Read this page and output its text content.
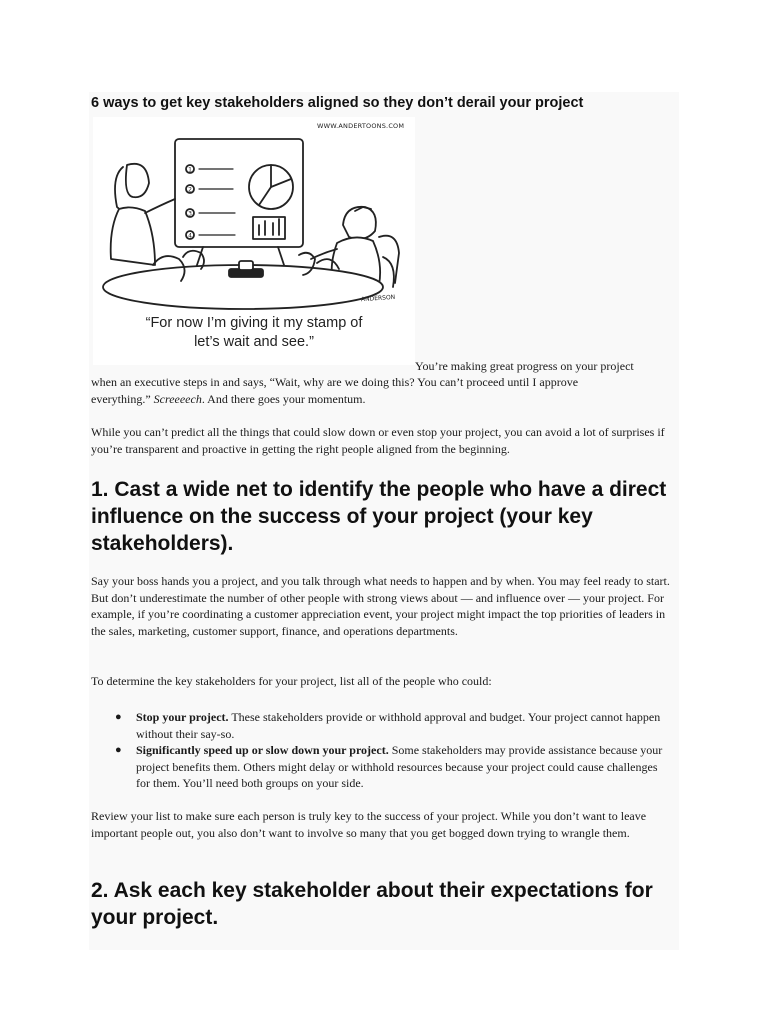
6 ways to get key stakeholders aligned so they don’t derail your project
1
2
3
4
WWW.ANDERTOONS.COM
ANDERSON
“For now I’m giving it my stamp of
let’s wait and see.”
You’re making great progress on your project
when an executive steps in and says, “Wait, why are we doing this? You can’t proceed until I approve
everything.” Screeeech. And there goes your momentum.
While you can’t predict all the things that could slow down or even stop your project, you can avoid a lot of surprises if you’re transparent and proactive in getting the right people aligned from the beginning.
1. Cast a wide net to identify the people who have a direct influence on the success of your project (your key stakeholders).
Say your boss hands you a project, and you talk through what needs to happen and by when. You may feel ready to start. But don’t underestimate the number of other people with strong views about — and influence over — your project. For example, if you’re coordinating a customer appreciation event, your project might impact the top priorities of leaders in the sales, marketing, customer support, finance, and operations departments.
To determine the key stakeholders for your project, list all of the people who could:
● Stop your project. These stakeholders provide or withhold approval and budget. Your project cannot happen without their say-so.
● Significantly speed up or slow down your project. Some stakeholders may provide assistance because your project benefits them. Others might delay or withhold resources because your project could cause challenges for them. You’ll need both groups on your side.
Review your list to make sure each person is truly key to the success of your project. While you don’t want to leave important people out, you also don’t want to involve so many that you get bogged down trying to wrangle them.
2. Ask each key stakeholder about their expectations for your project.
